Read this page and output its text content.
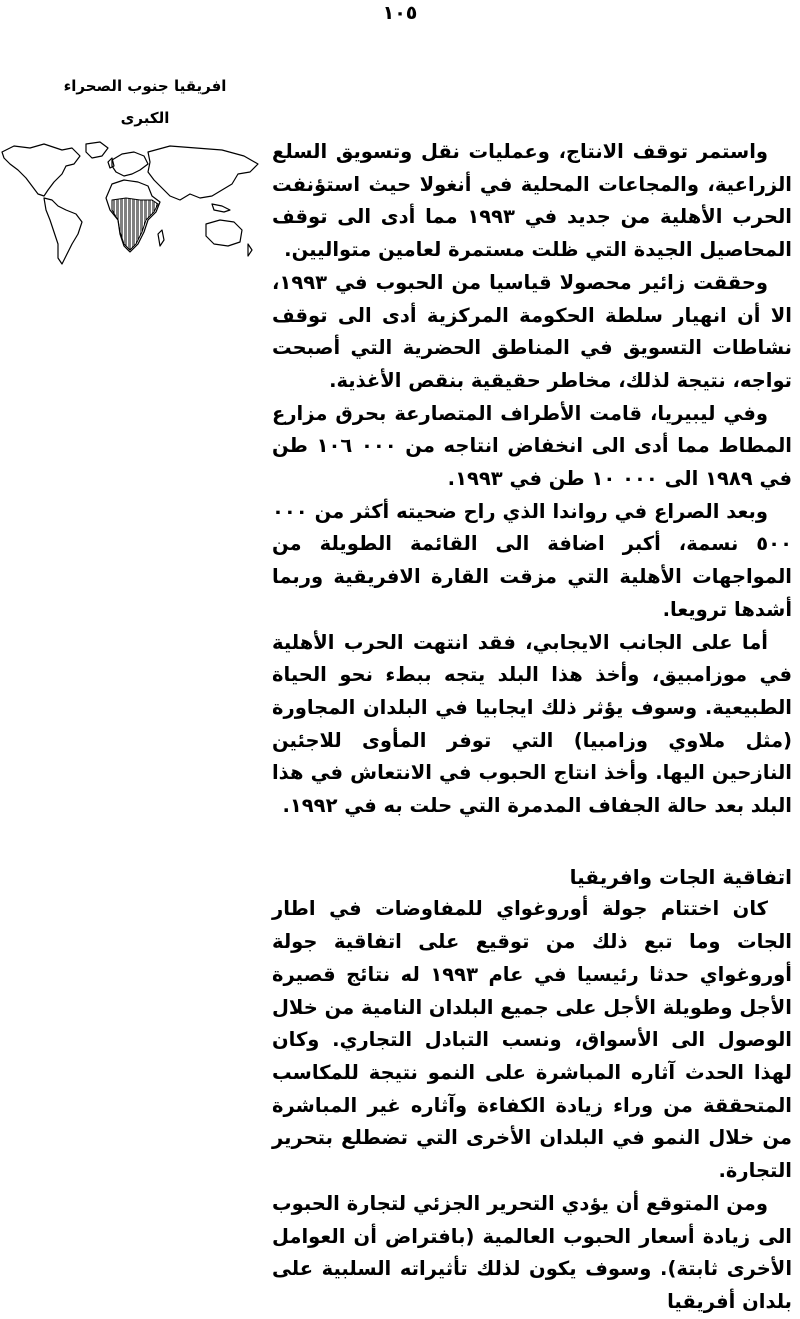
١٠٥
افريقيا جنوب الصحراء
الكبرى

واستمر توقف الانتاج، وعمليات نقل وتسويق السلع الزراعية، والمجاعات المحلية في أنغولا حيث استؤنفت الحرب الأهلية من جديد في ١٩٩٣ مما أدى الى توقف المحاصيل الجيدة التي ظلت مستمرة لعامين متواليين.

وحققت زائير محصولا قياسيا من الحبوب في ١٩٩٣، الا أن انهيار سلطة الحكومة المركزية أدى الى توقف نشاطات التسويق في المناطق الحضرية التي أصبحت تواجه، نتيجة لذلك، مخاطر حقيقية بنقص الأغذية.

وفي ليبيريا، قامت الأطراف المتصارعة بحرق مزارع المطاط مما أدى الى انخفاض انتاجه من ٠٠٠ ١٠٦ طن في ١٩٨٩ الى ٠٠٠ ١٠ طن في ١٩٩٣.

وبعد الصراع في رواندا الذي راح ضحيته أكثر من ٠٠٠ ٥٠٠ نسمة، أكبر اضافة الى القائمة الطويلة من المواجهات الأهلية التي مزقت القارة الافريقية وربما أشدها ترويعا.

أما على الجانب الايجابي، فقد انتهت الحرب الأهلية في موزامبيق، وأخذ هذا البلد يتجه ببطء نحو الحياة الطبيعية. وسوف يؤثر ذلك ايجابيا في البلدان المجاورة (مثل ملاوي وزامبيا) التي توفر المأوى للاجئين النازحين اليها. وأخذ انتاج الحبوب في الانتعاش في هذا البلد بعد حالة الجفاف المدمرة التي حلت به في ١٩٩٢.

اتفاقية الجات وافريقيا

كان اختتام جولة أوروغواي للمفاوضات في اطار الجات وما تبع ذلك من توقيع على اتفاقية جولة أوروغواي حدثا رئيسيا في عام ١٩٩٣ له نتائج قصيرة الأجل وطويلة الأجل على جميع البلدان النامية من خلال الوصول الى الأسواق، ونسب التبادل التجاري. وكان لهذا الحدث آثاره المباشرة على النمو نتيجة للمكاسب المتحققة من وراء زيادة الكفاءة وآثاره غير المباشرة من خلال النمو في البلدان الأخرى التي تضطلع بتحرير التجارة.

ومن المتوقع أن يؤدي التحرير الجزئي لتجارة الحبوب الى زيادة أسعار الحبوب العالمية (بافتراض أن العوامل الأخرى ثابتة). وسوف يكون لذلك تأثيراته السلبية على بلدان أفريقيا
